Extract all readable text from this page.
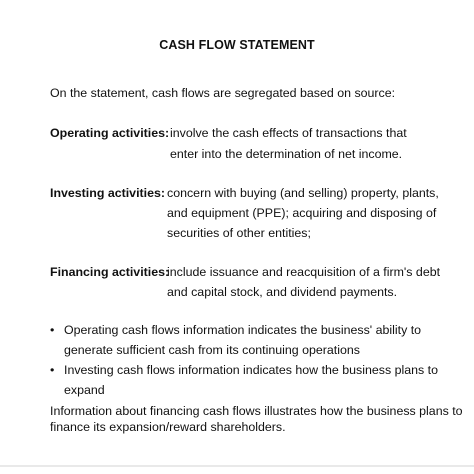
CASH FLOW STATEMENT
On the statement, cash flows are segregated based on source:
Operating activities: involve the cash effects of transactions that
enter into the determination of net income.
Investing activities: concern with buying (and selling) property, plants,
and equipment (PPE); acquiring and disposing of
securities of other entities;
Financing activities:
include issuance and reacquisition of a firm's debt
and capital stock, and dividend payments.
• Operating cash flows information indicates the business' ability to
generate sufficient cash from its continuing operations
• Investing cash flows information indicates how the business plans to
expand
Information about financing cash flows illustrates how the business plans to
finance its expansion/reward shareholders.
